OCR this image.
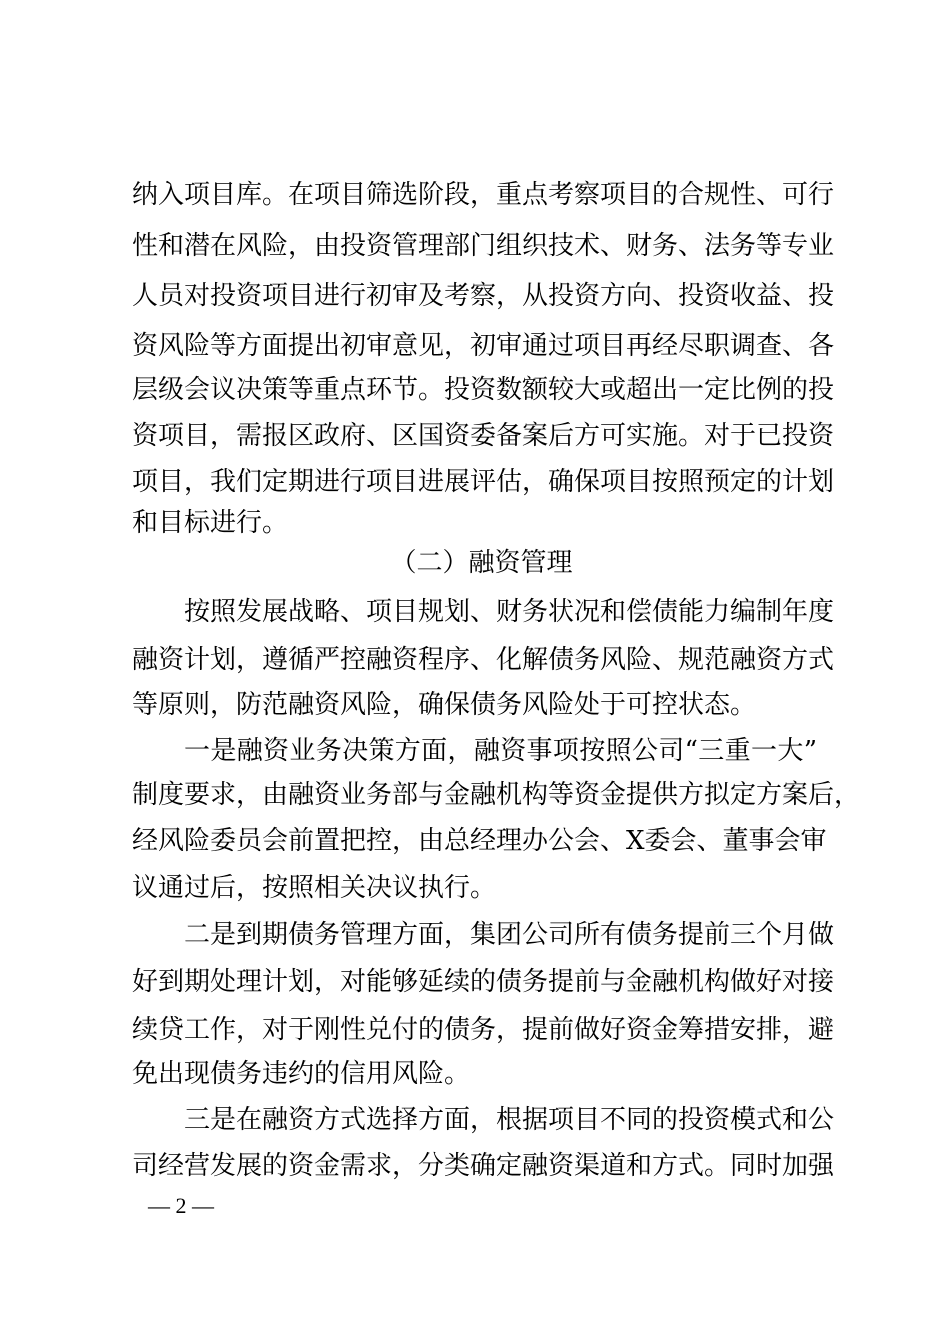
纳入项目库。在项目筛选阶段，重点考察项目的合规性、可行
性和潜在风险，由投资管理部门组织技术、财务、法务等专业
人员对投资项目进行初审及考察，从投资方向、投资收益、投
资风险等方面提出初审意见，初审通过项目再经尽职调查、各
层级会议决策等重点环节。投资数额较大或超出一定比例的投
资项目，需报区政府、区国资委备案后方可实施。对于已投资
项目，我们定期进行项目进展评估，确保项目按照预定的计划
和目标进行。
（二）融资管理
按照发展战略、项目规划、财务状况和偿债能力编制年度
融资计划，遵循严控融资程序、化解债务风险、规范融资方式
等原则，防范融资风险，确保债务风险处于可控状态。
一是融资业务决策方面，融资事项按照公司“三重一大”
制度要求，由融资业务部与金融机构等资金提供方拟定方案后，
经风险委员会前置把控，由总经理办公会、X委会、董事会审
议通过后，按照相关决议执行。
二是到期债务管理方面，集团公司所有债务提前三个月做
好到期处理计划，对能够延续的债务提前与金融机构做好对接
续贷工作，对于刚性兑付的债务，提前做好资金筹措安排，避
免出现债务违约的信用风险。
三是在融资方式选择方面，根据项目不同的投资模式和公
司经营发展的资金需求，分类确定融资渠道和方式。同时加强
— 2 —
